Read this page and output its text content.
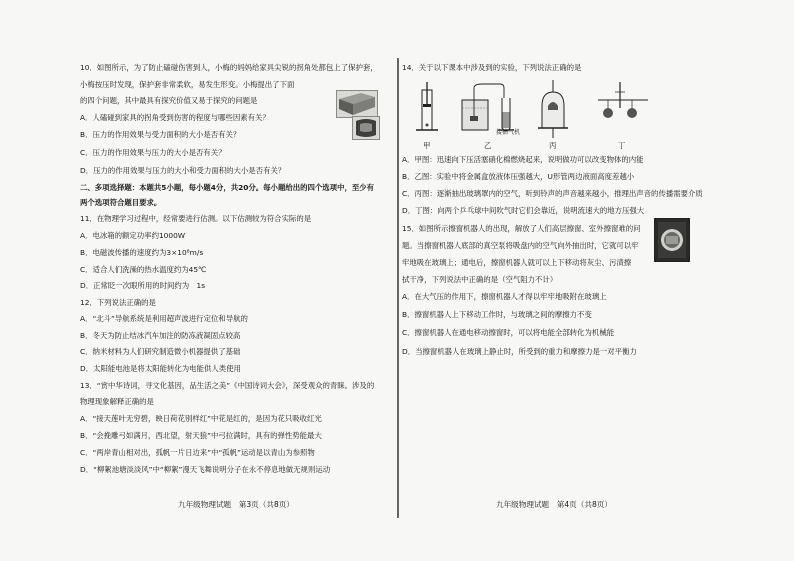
10．如图所示，为了防止磕碰伤害到人，小梅的妈妈给家具尖锐的拐角处都包上了保护套，
小梅按压时发现，保护套非常柔软，易发生形变。小梅提出了下面
的四个问题，其中最具有探究价值又易于探究的问题是
A．人磕碰到家具的拐角受到伤害的程度与哪些因素有关？
B．压力的作用效果与受力面积的大小是否有关？
C．压力的作用效果与压力的大小是否有关？
D．压力的作用效果与压力的大小和受力面积的大小是否有关？
二、多项选择题：本题共5小题，每小题4分，共20分。每小题给出的四个选项中，至少有
两个选项符合题目要求。
11．在物理学习过程中，经常要进行估测。以下估测较为符合实际的是
A．电冰箱的额定功率约1000W
B．电磁波传播的速度约为3×10⁸m/s
C．适合人们洗澡的热水温度约为45℃
D．正常眨一次眼所用的时间约为　1s
12．下列说法正确的是
A．“北斗”导航系统是利用超声波进行定位和导航的
B．冬天为防止结冰汽车加注的防冻液凝固点较高
C．纳米材料为人们研究制造微小机器提供了基础
D．太阳能电池是将太阳能转化为电能供人类使用
13．“赏中华诗词，寻文化基因，品生活之美”《中国诗词大会》，深受观众的青睐。涉及的
物理现象解释正确的是
A．“接天莲叶无穷碧，映日荷花别样红”中花是红的，是因为花只吸收红光
B．“会挽雕弓如满月，西北望，射天狼”中弓拉满时，具有的弹性势能最大
C．“两岸青山相对出，孤帆一片日边来”中“孤帆”运动是以青山为参照物
D．“柳絮池塘淡淡风”中“柳絮”漫天飞舞说明分子在永不停息地做无规则运动
九年级物理试题　第3页（共8页）
14．关于以下课本中涉及到的实验，下列说法正确的是
接抽气机
甲	乙	丙	丁
A．甲图：迅速向下压活塞硝化棉燃烧起来，说明做功可以改变物体的内能
B．乙图：实验中将金属盒放液体压强越大，U形管两边液面高度差越小
C．丙图：逐渐抽出玻璃罩内的空气，听到铃声的声音越来越小，推理出声音的传播需要介质
D．丁图：向两个乒乓球中间吹气时它们会靠近，说明流速大的地方压强大
15．如图所示擦窗机器人的出现，解放了人们高层擦窗、室外擦窗难的问
题。当擦窗机器人底部的真空泵将吸盘内的空气向外抽出时，它就可以牢
牢地吸在玻璃上；通电后，擦窗机器人就可以上下移动将灰尘、污渍擦
拭干净，下列说法中正确的是（空气阻力不计）
A．在大气压的作用下，擦窗机器人才得以牢牢地吸附在玻璃上
B．擦窗机器人上下移动工作时，与玻璃之间的摩擦力不变
C．擦窗机器人在通电移动擦窗时，可以将电能全部转化为机械能
D．当擦窗机器人在玻璃上静止时，所受到的重力和摩擦力是一对平衡力
九年级物理试题　第4页（共8页）
